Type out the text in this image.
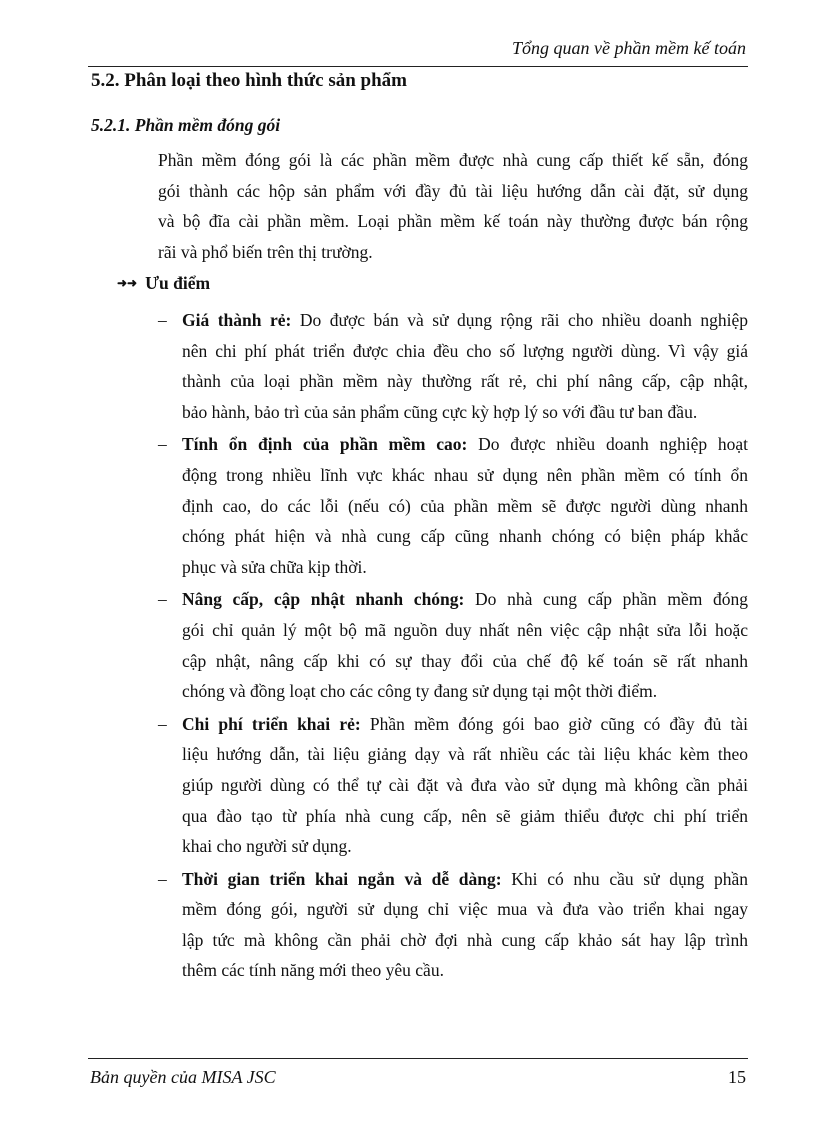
Tổng quan về phần mềm kế toán
5.2. Phân loại theo hình thức sản phẩm
5.2.1. Phần mềm đóng gói
Phần mềm đóng gói là các phần mềm được nhà cung cấp thiết kế sẵn, đóng
gói thành các hộp sản phẩm với đầy đủ tài liệu hướng dẫn cài đặt, sử dụng
và bộ đĩa cài phần mềm. Loại phần mềm kế toán này thường được bán rộng
rãi và phổ biến trên thị trường.
➜➜ Ưu điểm
– Giá thành rẻ: Do được bán và sử dụng rộng rãi cho nhiều doanh nghiệp
nên chi phí phát triển được chia đều cho số lượng người dùng. Vì vậy giá
thành của loại phần mềm này thường rất rẻ, chi phí nâng cấp, cập nhật,
bảo hành, bảo trì của sản phẩm cũng cực kỳ hợp lý so với đầu tư ban đầu.
– Tính ổn định của phần mềm cao: Do được nhiều doanh nghiệp hoạt
động trong nhiều lĩnh vực khác nhau sử dụng nên phần mềm có tính ổn
định cao, do các lỗi (nếu có) của phần mềm sẽ được người dùng nhanh
chóng phát hiện và nhà cung cấp cũng nhanh chóng có biện pháp khắc
phục và sửa chữa kịp thời.
– Nâng cấp, cập nhật nhanh chóng: Do nhà cung cấp phần mềm đóng
gói chỉ quản lý một bộ mã nguồn duy nhất nên việc cập nhật sửa lỗi hoặc
cập nhật, nâng cấp khi có sự thay đổi của chế độ kế toán sẽ rất nhanh
chóng và đồng loạt cho các công ty đang sử dụng tại một thời điểm.
– Chi phí triển khai rẻ: Phần mềm đóng gói bao giờ cũng có đầy đủ tài
liệu hướng dẫn, tài liệu giảng dạy và rất nhiều các tài liệu khác kèm theo
giúp người dùng có thể tự cài đặt và đưa vào sử dụng mà không cần phải
qua đào tạo từ phía nhà cung cấp, nên sẽ giảm thiểu được chi phí triển
khai cho người sử dụng.
– Thời gian triển khai ngắn và dễ dàng: Khi có nhu cầu sử dụng phần
mềm đóng gói, người sử dụng chỉ việc mua và đưa vào triển khai ngay
lập tức mà không cần phải chờ đợi nhà cung cấp khảo sát hay lập trình
thêm các tính năng mới theo yêu cầu.
Bản quyền của MISA JSC	15
